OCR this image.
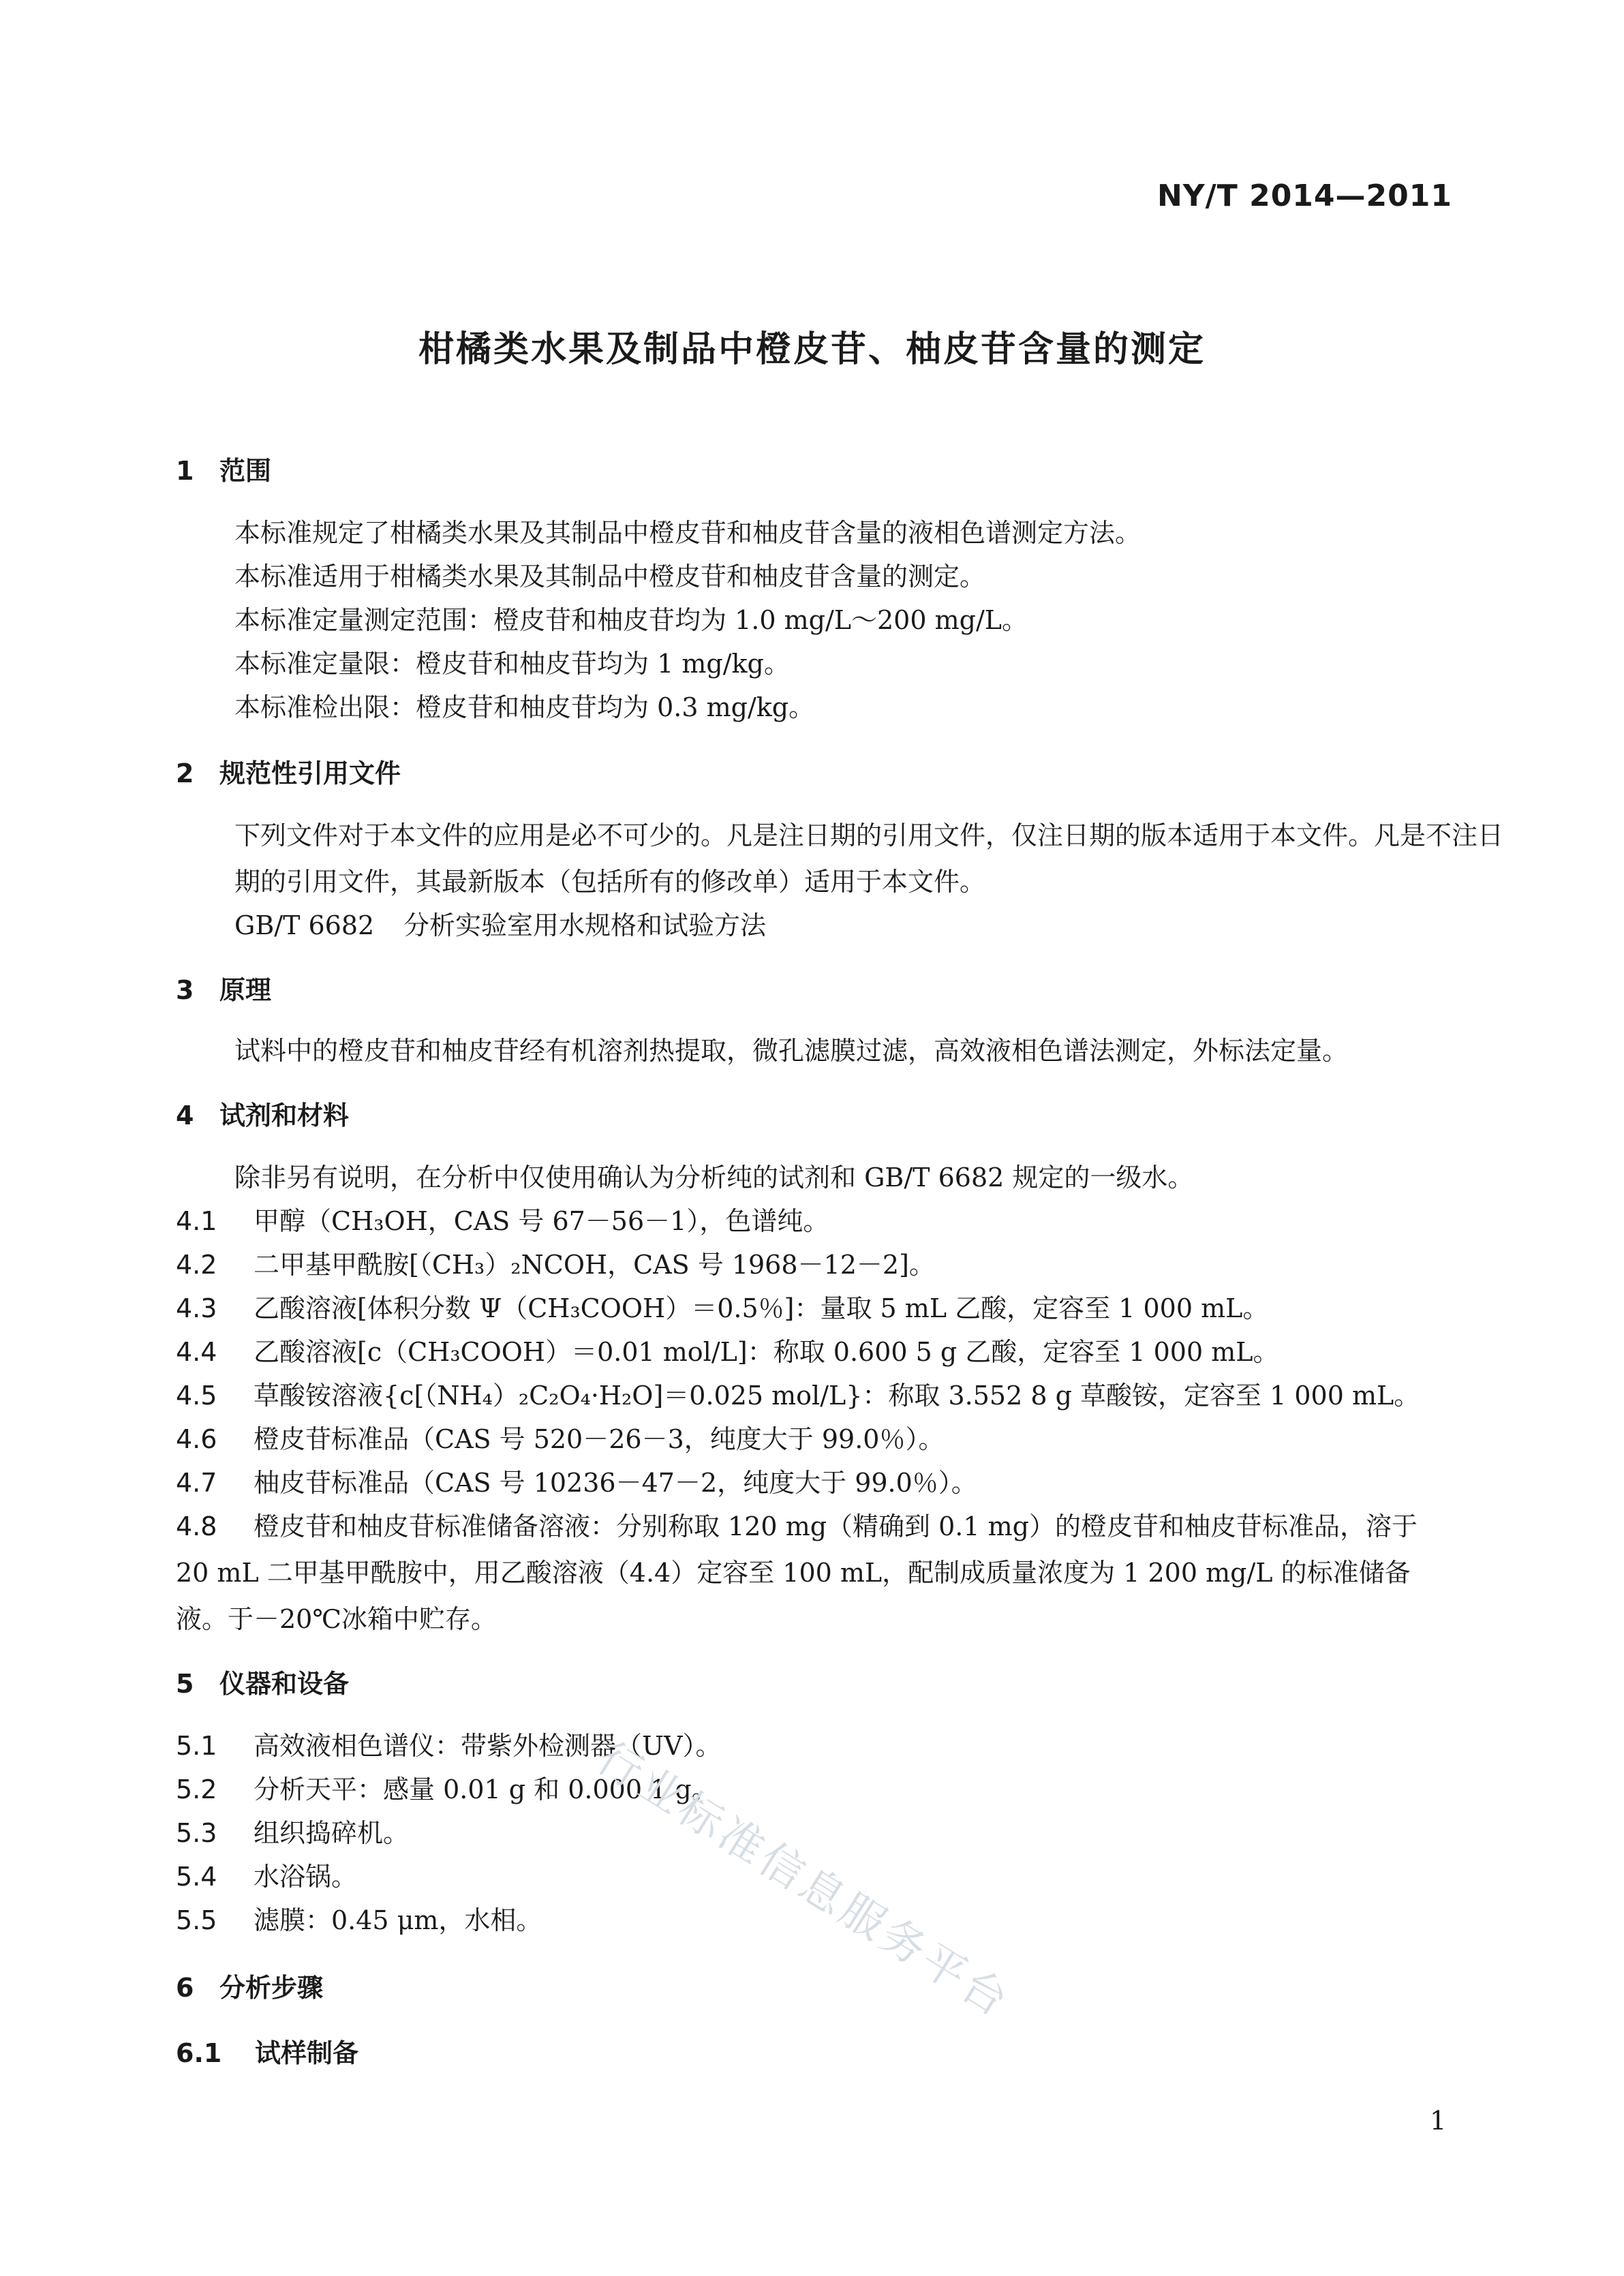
NY/T 2014—2011
柑橘类水果及制品中橙皮苷、柚皮苷含量的测定
1 范围
本标准规定了柑橘类水果及其制品中橙皮苷和柚皮苷含量的液相色谱测定方法。
本标准适用于柑橘类水果及其制品中橙皮苷和柚皮苷含量的测定。
本标准定量测定范围：橙皮苷和柚皮苷均为 1.0 mg/L～200 mg/L。
本标准定量限：橙皮苷和柚皮苷均为 1 mg/kg。
本标准检出限：橙皮苷和柚皮苷均为 0.3 mg/kg。
2 规范性引用文件
下列文件对于本文件的应用是必不可少的。凡是注日期的引用文件，仅注日期的版本适用于本文件。凡是不注日期的引用文件，其最新版本（包括所有的修改单）适用于本文件。
GB/T 6682 分析实验室用水规格和试验方法
3 原理
试料中的橙皮苷和柚皮苷经有机溶剂热提取，微孔滤膜过滤，高效液相色谱法测定，外标法定量。
4 试剂和材料
除非另有说明，在分析中仅使用确认为分析纯的试剂和 GB/T 6682 规定的一级水。
4.1 甲醇（CH₃OH，CAS 号 67－56－1），色谱纯。
4.2 二甲基甲酰胺[（CH₃）₂NCOH，CAS 号 1968－12－2]。
4.3 乙酸溶液[体积分数 Ψ（CH₃COOH）＝0.5％]：量取 5 mL 乙酸，定容至 1 000 mL。
4.4 乙酸溶液[c（CH₃COOH）＝0.01 mol/L]：称取 0.600 5 g 乙酸，定容至 1 000 mL。
4.5 草酸铵溶液{c[（NH₄）₂C₂O₄·H₂O]＝0.025 mol/L}：称取 3.552 8 g 草酸铵，定容至 1 000 mL。
4.6 橙皮苷标准品（CAS 号 520－26－3，纯度大于 99.0％）。
4.7 柚皮苷标准品（CAS 号 10236－47－2，纯度大于 99.0％）。
4.8 橙皮苷和柚皮苷标准储备溶液：分别称取 120 mg（精确到 0.1 mg）的橙皮苷和柚皮苷标准品，溶于 20 mL 二甲基甲酰胺中，用乙酸溶液（4.4）定容至 100 mL，配制成质量浓度为 1 200 mg/L 的标准储备液。于－20℃冰箱中贮存。
5 仪器和设备
5.1 高效液相色谱仪：带紫外检测器（UV）。
5.2 分析天平：感量 0.01 g 和 0.000 1 g。
5.3 组织捣碎机。
5.4 水浴锅。
5.5 滤膜：0.45 μm，水相。
6 分析步骤
6.1 试样制备
行业标准信息服务平台
1
